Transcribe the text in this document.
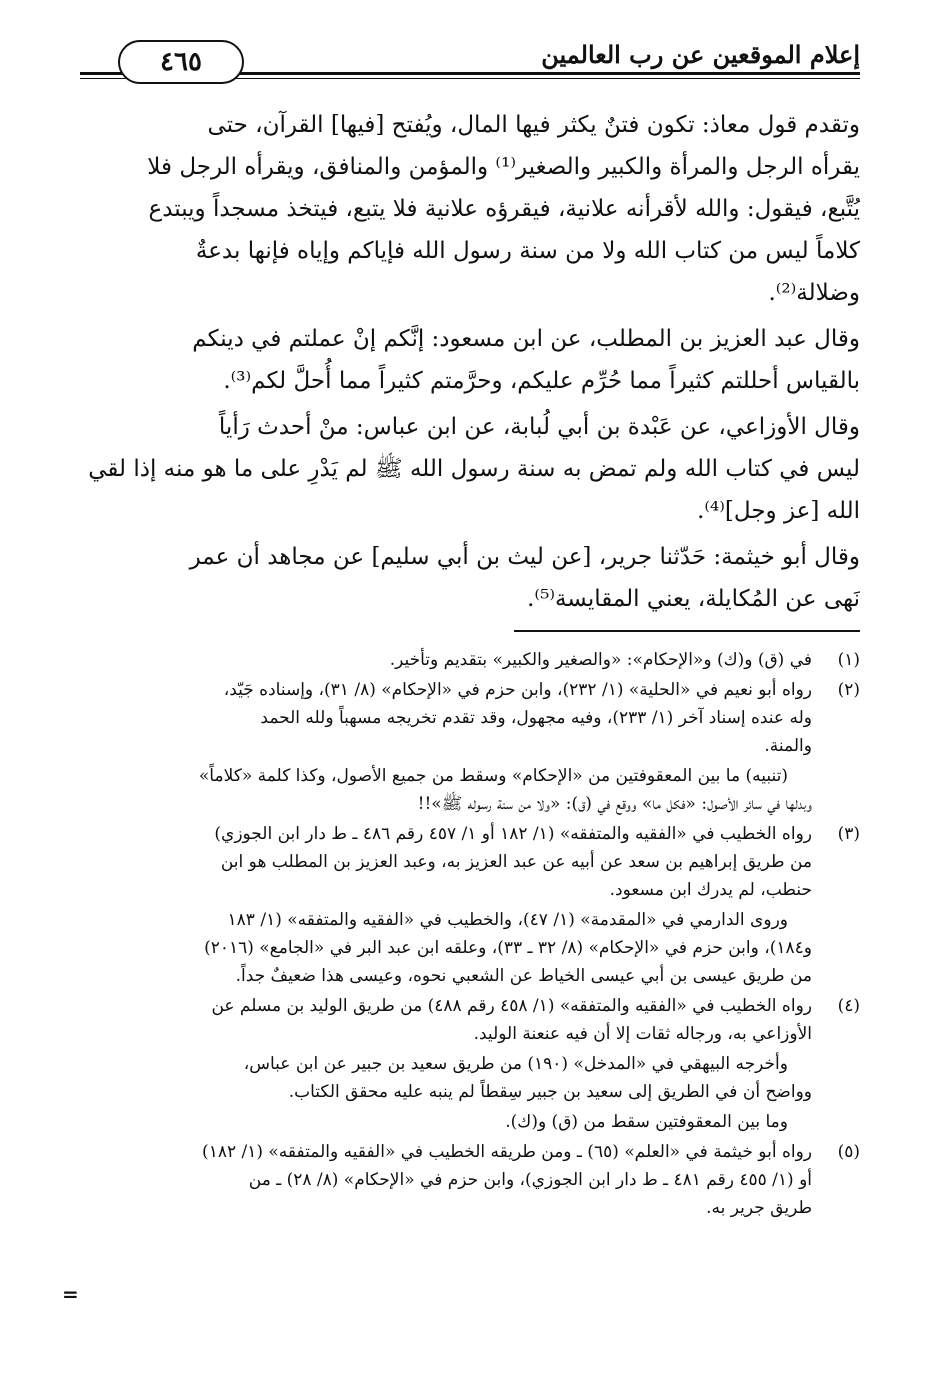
إعلام الموقعين عن رب العالمين
٤٦٥

وتقدم قول معاذ: تكون فتنٌ يكثر فيها المال، ويُفتح [فيها] القرآن، حتى
يقرأه الرجل والمرأة والكبير والصغير⁽¹⁾ والمؤمن والمنافق، ويقرأه الرجل فلا
يُتَّبع، فيقول: والله لأقرأنه علانية، فيقرؤه علانية فلا يتبع، فيتخذ مسجداً ويبتدع
كلاماً ليس من كتاب الله ولا من سنة رسول الله فإياكم وإياه فإنها بدعةٌ
وضلالة⁽²⁾.

وقال عبد العزيز بن المطلب، عن ابن مسعود: إنَّكم إنْ عملتم في دينكم
بالقياس أحللتم كثيراً مما حُرِّم عليكم، وحرَّمتم كثيراً مما أُحلَّ لكم⁽³⁾.

وقال الأوزاعي، عن عَبْدة بن أبي لُبابة، عن ابن عباس: منْ أحدث رَأياً
ليس في كتاب الله ولم تمض به سنة رسول الله ﷺ لم يَدْرِ على ما هو منه إذا لقي
الله [عز وجل]⁽⁴⁾.

وقال أبو خيثمة: حَدّثنا جرير، [عن ليث بن أبي سليم] عن مجاهد أن عمر
نَهى عن المُكايلة، يعني المقايسة⁽⁵⁾.

(١)
في (ق) و(ك) و«الإحكام»: «والصغير والكبير» بتقديم وتأخير.
(٢)
رواه أبو نعيم في «الحلية» (١/ ٢٣٢)، وابن حزم في «الإحكام» (٨/ ٣١)، وإسناده جَيّد،
وله عنده إسناد آخر (١/ ٢٣٣)، وفيه مجهول، وقد تقدم تخريجه مسهباً ولله الحمد
والمنة.
(تنبيه) ما بين المعقوفتين من «الإحكام» وسقط من جميع الأصول، وكذا كلمة «كلاماً»
وبدلها في سائر الأصول: «فكل ما» ووقع في (ق): «ولا من سنة رسوله ﷺ»!!
(٣)
رواه الخطيب في «الفقيه والمتفقه» (١/ ١٨٢ أو ١/ ٤٥٧ رقم ٤٨٦ ـ ط دار ابن الجوزي)
من طريق إبراهيم بن سعد عن أبيه عن عبد العزيز به، وعبد العزيز بن المطلب هو ابن
حنطب، لم يدرك ابن مسعود.
وروى الدارمي في «المقدمة» (١/ ٤٧)، والخطيب في «الفقيه والمتفقه» (١/ ١٨٣
و١٨٤)، وابن حزم في «الإحكام» (٨/ ٣٢ ـ ٣٣)، وعلقه ابن عبد البر في «الجامع» (٢٠١٦)
من طريق عيسى بن أبي عيسى الخياط عن الشعبي نحوه، وعيسى هذا ضعيفٌ جداً.
(٤)
رواه الخطيب في «الفقيه والمتفقه» (١/ ٤٥٨ رقم ٤٨٨) من طريق الوليد بن مسلم عن
الأوزاعي به، ورجاله ثقات إلا أن فيه عنعنة الوليد.
وأخرجه البيهقي في «المدخل» (١٩٠) من طريق سعيد بن جبير عن ابن عباس،
وواضح أن في الطريق إلى سعيد بن جبير سِقطاً لم ينبه عليه محقق الكتاب.
وما بين المعقوفتين سقط من (ق) و(ك).
(٥)
رواه أبو خيثمة في «العلم» (٦٥) ـ ومن طريقه الخطيب في «الفقيه والمتفقه» (١/ ١٨٢)
أو (١/ ٤٥٥ رقم ٤٨١ ـ ط دار ابن الجوزي)، وابن حزم في «الإحكام» (٨/ ٢٨) ـ من
طريق جرير به.
=
